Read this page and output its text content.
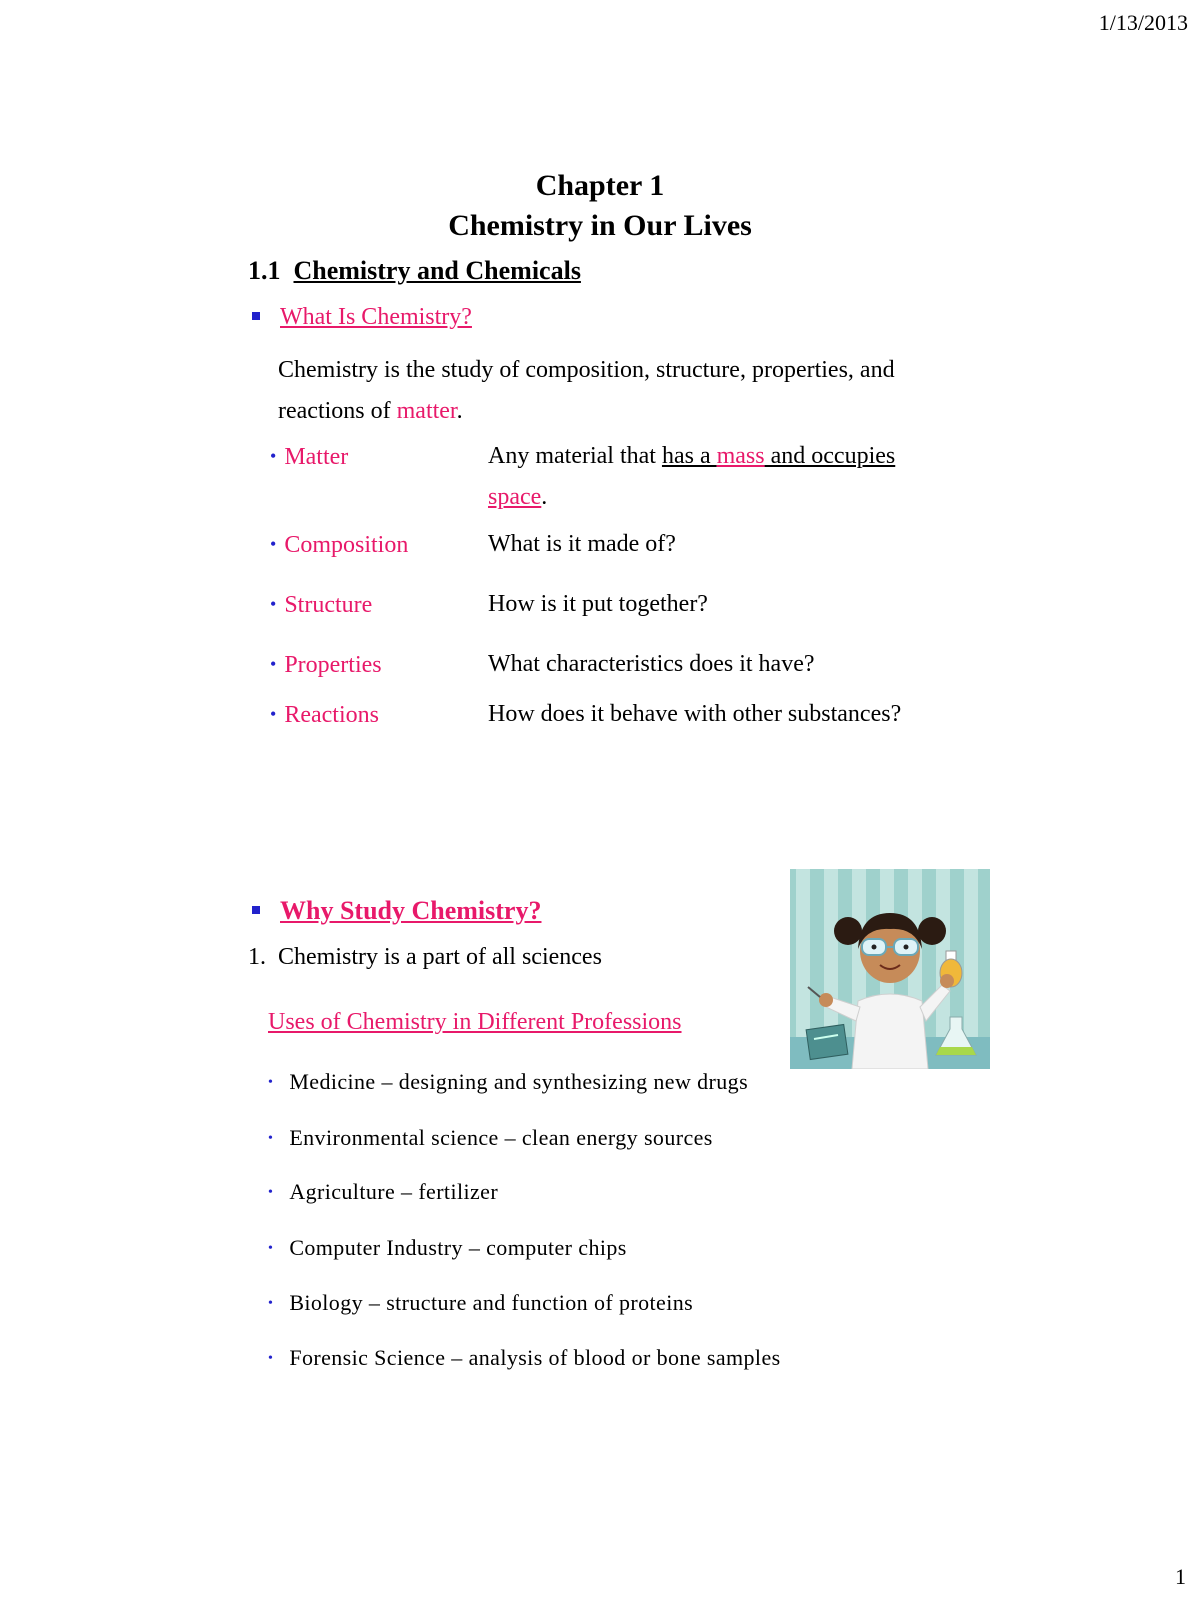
1/13/2013
Chapter 1
Chemistry in Our Lives
1.1 Chemistry and Chemicals
What Is Chemistry?
Chemistry is the study of composition, structure, properties, and reactions of matter.
• Matter	Any material that has a mass and occupies space.
• Composition	What is it made of?
• Structure	How is it put together?
• Properties	What characteristics does it have?
• Reactions	How does it behave with other substances?
Why Study Chemistry?
1. Chemistry is a part of all sciences
Uses of Chemistry in Different Professions
• Medicine – designing and synthesizing new drugs
• Environmental science – clean energy sources
• Agriculture – fertilizer
• Computer Industry – computer chips
• Biology – structure and function of proteins
• Forensic Science – analysis of blood or bone samples
1
